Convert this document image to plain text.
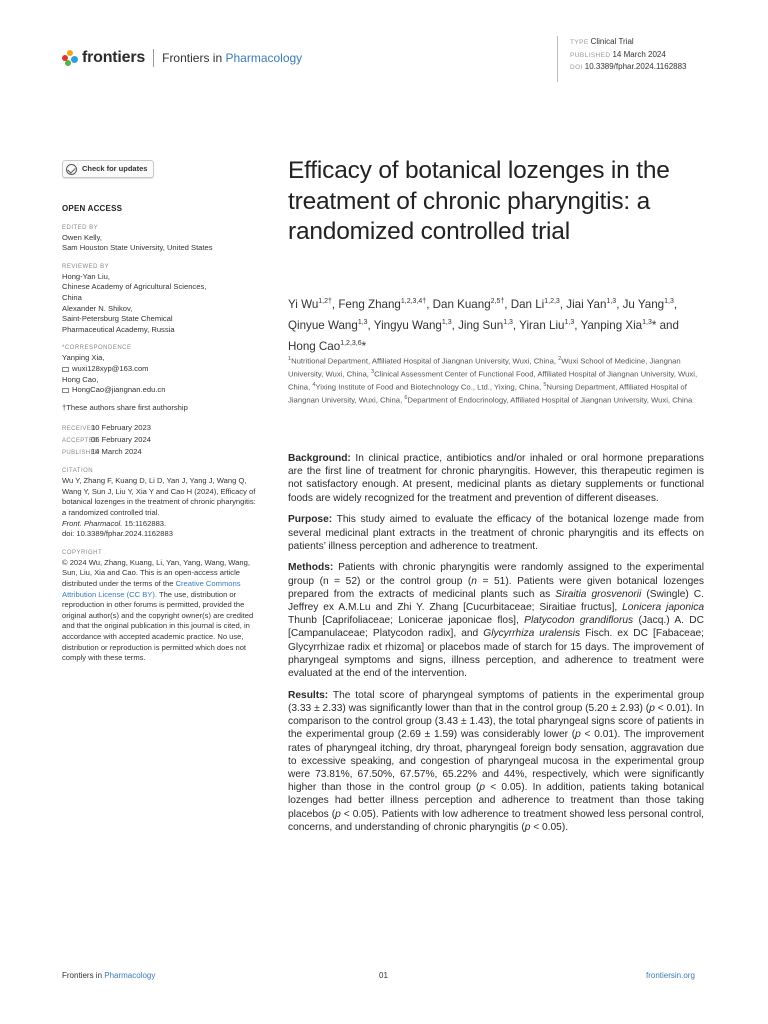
frontiers Frontiers in Pharmacology
TYPE Clinical Trial
PUBLISHED 14 March 2024
DOI 10.3389/fphar.2024.1162883
Check for updates
OPEN ACCESS
EDITED BY

Owen Kelly,

Sam Houston State University, United States

REVIEWED BY

Hong-Yan Liu,

Chinese Academy of Agricultural Sciences,

China

Alexander N. Shikov,

Saint-Petersburg State Chemical

Pharmaceutical Academy, Russia

*CORRESPONDENCE

Yanping Xia,

wuxi128xyp@163.com

Hong Cao,

HongCao@jiangnan.edu.cn

†These authors share first authorship

RECEIVED
10 February 2023
ACCEPTED
06 February 2024
PUBLISHED
14 March 2024
CITATION

Wu Y, Zhang F, Kuang D, Li D, Yan J, Yang J, Wang Q, Wang Y, Sun J, Liu Y, Xia Y and Cao H (2024), Efficacy of botanical lozenges in the treatment of chronic pharyngitis: a randomized controlled trial.
Front. Pharmacol. 15:1162883.
doi: 10.3389/fphar.2024.1162883

COPYRIGHT

© 2024 Wu, Zhang, Kuang, Li, Yan, Yang, Wang, Wang, Sun, Liu, Xia and Cao. This is an open-access article distributed under the terms of the Creative Commons Attribution License (CC BY). The use, distribution or reproduction in other forums is permitted, provided the original author(s) and the copyright owner(s) are credited and that the original publication in this journal is cited, in accordance with accepted academic practice. No use, distribution or reproduction is permitted which does not comply with these terms.

Efficacy of botanical lozenges in the treatment of chronic pharyngitis: a randomized controlled trial
Yi $Wu^{1,2\dagger}$, Feng Zhang$^{1,2,3,4\dagger}$, Dan Kuang$^{2,5\dagger}$, Dan Li$^{1,2,3}$, Jiai Yan$^{1,3}$, Ju Yang$^{1,3}$, Qinyue Wang$^{1,3}$, Yingyu Wang$^{1,3}$, Jing Sun$^{1,3}$, Yiran Liu$^{1,3}$, Yanping Xia$^{1,3}$* and Hong Cao$^{1,2,3,6}$*
$^1$Nutritional Department, Affiliated Hospital of Jiangnan University, Wuxi, China, $^2$Wuxi School of Medicine, Jiangnan University, Wuxi, China, $^3$Clinical Assessment Center of Functional Food, Affiliated Hospital of Jiangnan University, Wuxi, China, $^4$Yixing Institute of Food and Biotechnology Co., Ltd., Yixing, China, $^5$Nursing Department, Affiliated Hospital of Jiangnan University, Wuxi, China, $^6$Department of Endocrinology, Affiliated Hospital of Jiangnan University, Wuxi, China
Background: In clinical practice, antibiotics and/or inhaled or oral hormone preparations are the first line of treatment for chronic pharyngitis. However, this therapeutic regimen is not satisfactory enough. At present, medicinal plants as dietary supplements or functional foods are widely recognized for the treatment and prevention of different diseases.
Purpose: This study aimed to evaluate the efficacy of the botanical lozenge made from several medicinal plant extracts in the treatment of chronic pharyngitis and its effects on patients’ illness perception and adherence to treatment.
Methods: Patients with chronic pharyngitis were randomly assigned to the experimental group (n = 52) or the control group (n = 51). Patients were given botanical lozenges prepared from the extracts of medicinal plants such as Siraitia grosvenorii (Swingle) C. Jeffrey ex A.M.Lu and Zhi Y. Zhang [Cucurbitaceae; Siraitiae fructus], Lonicera japonica Thunb [Caprifoliaceae; Lonicerae japonicae flos], Platycodon grandiflorus (Jacq.) A. DC [Campanulaceae; Platycodon radix], and Glycyrrhiza uralensis Fisch. ex DC [Fabaceae; Glycyrrhizae radix et rhizoma] or placebos made of starch for 15 days. The improvement of pharyngeal symptoms and signs, illness perception, and adherence to treatment were evaluated at the end of the intervention.
Results: The total score of pharyngeal symptoms of patients in the experimental group (3.33 ± 2.33) was significantly lower than that in the control group (5.20 ± 2.93) (p < 0.01). In comparison to the control group (3.43 ± 1.43), the total pharyngeal signs score of patients in the experimental group (2.69 ± 1.59) was considerably lower (p < 0.01). The improvement rates of pharyngeal itching, dry throat, pharyngeal foreign body sensation, aggravation due to excessive speaking, and congestion of pharyngeal mucosa in the experimental group were 73.81%, 67.50%, 67.57%, 65.22% and 44%, respectively, which were significantly higher than those in the control group (p < 0.05). In addition, patients taking botanical lozenges had better illness perception and adherence to treatment than those taking placebos (p < 0.05). Patients with low adherence to treatment showed less personal control, concerns, and understanding of chronic pharyngitis (p < 0.05).
Frontiers in Pharmacology	01	frontiersin.org
